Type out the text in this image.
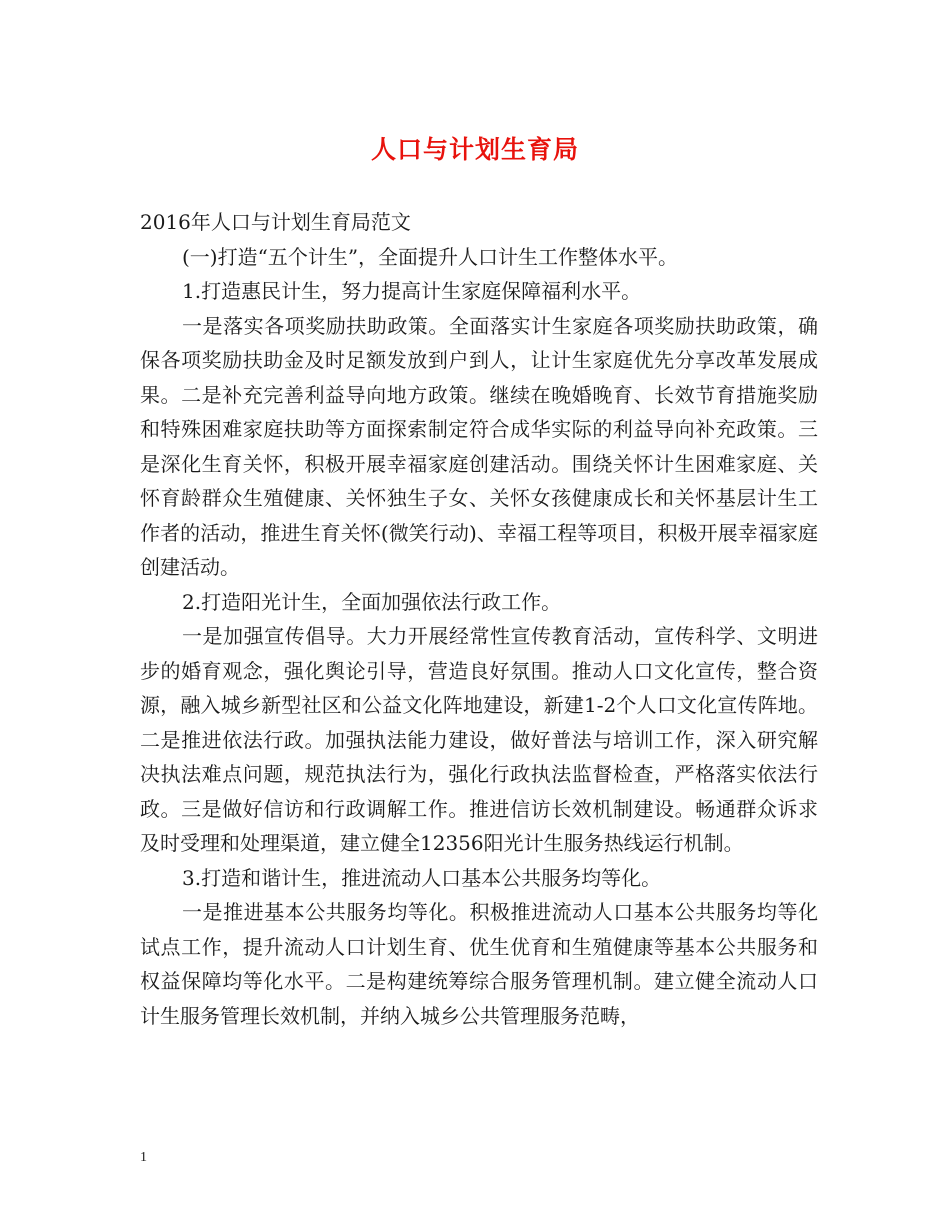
人口与计划生育局

2016年人口与计划生育局范文

(一)打造“五个计生”，全面提升人口计生工作整体水平。

1.打造惠民计生，努力提高计生家庭保障福利水平。

一是落实各项奖励扶助政策。全面落实计生家庭各项奖励扶助政策，确保各项奖励扶助金及时足额发放到户到人，让计生家庭优先分享改革发展成果。二是补充完善利益导向地方政策。继续在晚婚晚育、长效节育措施奖励和特殊困难家庭扶助等方面探索制定符合成华实际的利益导向补充政策。三是深化生育关怀，积极开展幸福家庭创建活动。围绕关怀计生困难家庭、关怀育龄群众生殖健康、关怀独生子女、关怀女孩健康成长和关怀基层计生工作者的活动，推进生育关怀(微笑行动)、幸福工程等项目，积极开展幸福家庭创建活动。

2.打造阳光计生，全面加强依法行政工作。

一是加强宣传倡导。大力开展经常性宣传教育活动，宣传科学、文明进步的婚育观念，强化舆论引导，营造良好氛围。推动人口文化宣传，整合资源，融入城乡新型社区和公益文化阵地建设，新建1-2个人口文化宣传阵地。二是推进依法行政。加强执法能力建设，做好普法与培训工作，深入研究解决执法难点问题，规范执法行为，强化行政执法监督检查，严格落实依法行政。三是做好信访和行政调解工作。推进信访长效机制建设。畅通群众诉求及时受理和处理渠道，建立健全12356阳光计生服务热线运行机制。

3.打造和谐计生，推进流动人口基本公共服务均等化。

一是推进基本公共服务均等化。积极推进流动人口基本公共服务均等化试点工作，提升流动人口计划生育、优生优育和生殖健康等基本公共服务和权益保障均等化水平。二是构建统筹综合服务管理机制。建立健全流动人口计生服务管理长效机制，并纳入城乡公共管理服务范畴，

1
